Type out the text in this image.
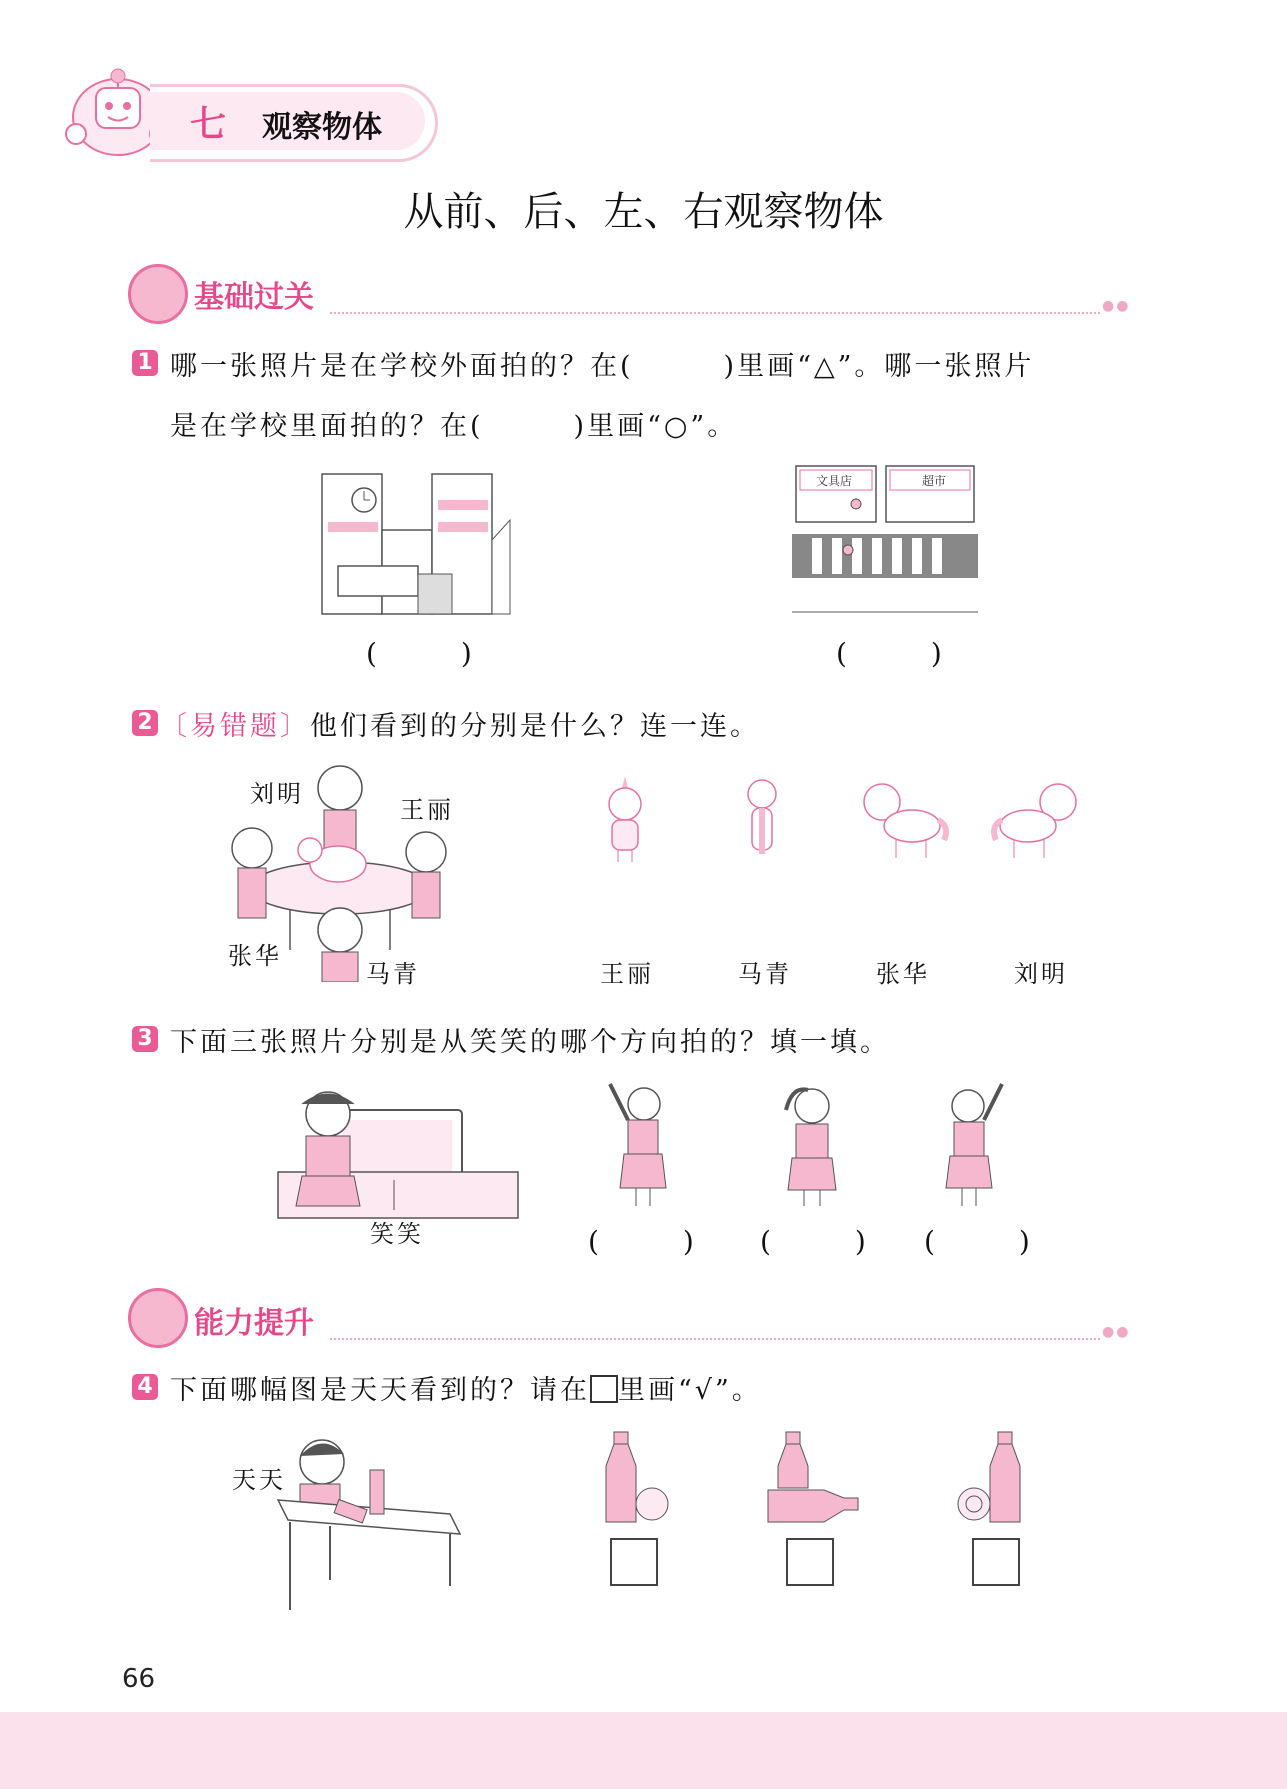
七 观察物体
从前、后、左、右观察物体
基础过关	●●
1 哪一张照片是在学校外面拍的？在(　　　)里画“△”。哪一张照片
是在学校里面拍的？在(　　　)里画“○”。
文具店	超市
(　　　)	(　　　)
2 〔易错题〕他们看到的分别是什么？连一连。
刘明
王丽
张华
马青	王丽	马青	张华	刘明
3 下面三张照片分别是从笑笑的哪个方向拍的？填一填。
笑笑	(　　　) (　　　) (　　　)
能力提升	●●
4 下面哪幅图是天天看到的？请在 里画“√”。
天天
66
